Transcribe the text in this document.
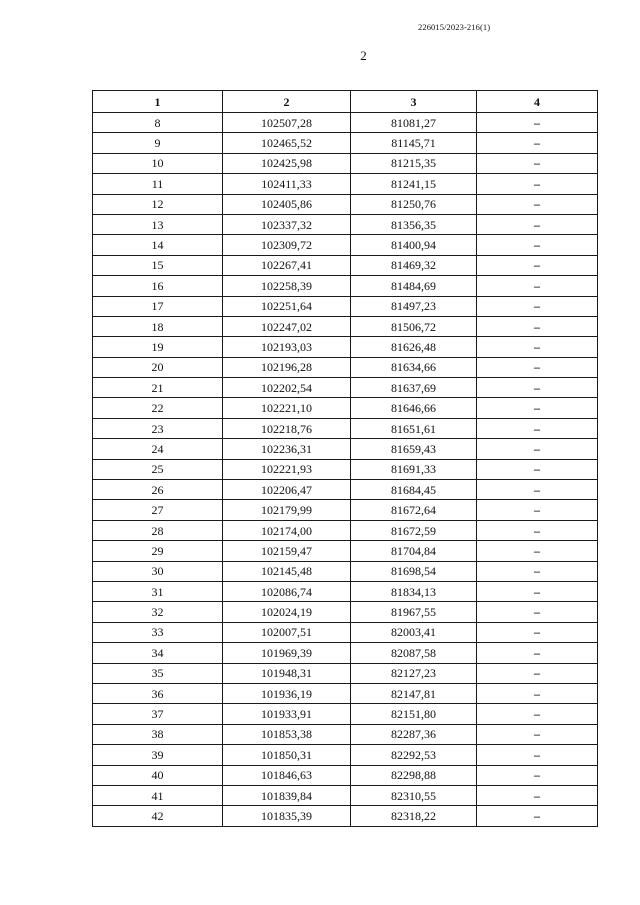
226015/2023-216(1)
2
1	2	3	4
8	102507,28	81081,27	–
9	102465,52	81145,71	–
10	102425,98	81215,35	–
11	102411,33	81241,15	–
12	102405,86	81250,76	–
13	102337,32	81356,35	–
14	102309,72	81400,94	–
15	102267,41	81469,32	–
16	102258,39	81484,69	–
17	102251,64	81497,23	–
18	102247,02	81506,72	–
19	102193,03	81626,48	–
20	102196,28	81634,66	–
21	102202,54	81637,69	–
22	102221,10	81646,66	–
23	102218,76	81651,61	–
24	102236,31	81659,43	–
25	102221,93	81691,33	–
26	102206,47	81684,45	–
27	102179,99	81672,64	–
28	102174,00	81672,59	–
29	102159,47	81704,84	–
30	102145,48	81698,54	–
31	102086,74	81834,13	–
32	102024,19	81967,55	–
33	102007,51	82003,41	–
34	101969,39	82087,58	–
35	101948,31	82127,23	–
36	101936,19	82147,81	–
37	101933,91	82151,80	–
38	101853,38	82287,36	–
39	101850,31	82292,53	–
40	101846,63	82298,88	–
41	101839,84	82310,55	–
42	101835,39	82318,22	–
